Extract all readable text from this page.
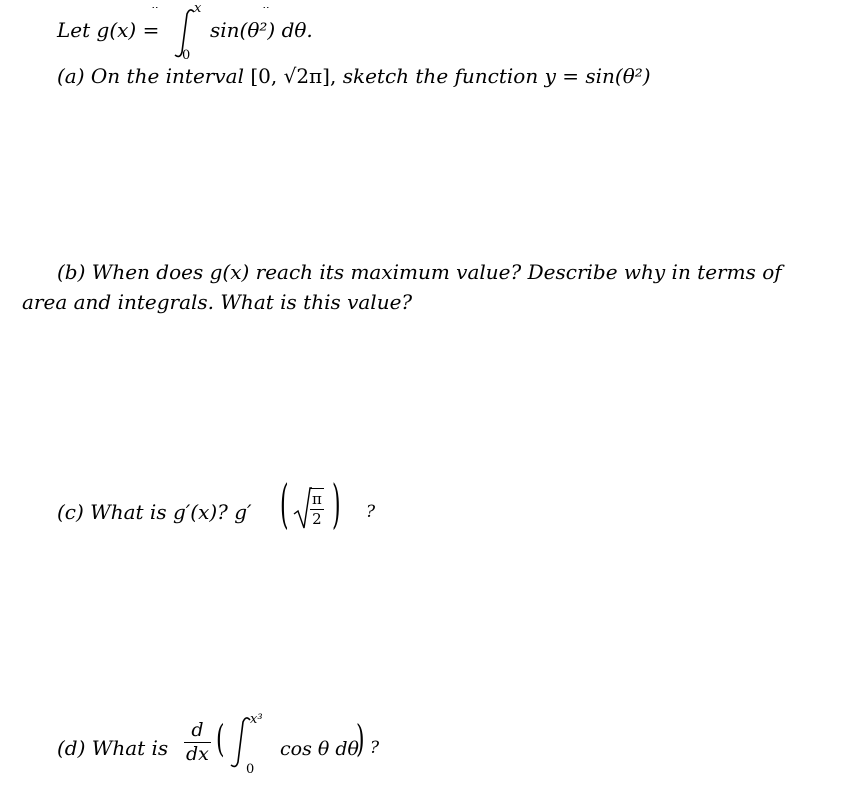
Let g(x) =
x
0
sin(θ²) dθ.
(a) On the interval [0, √2π], sketch the function y = sin(θ²)
(b) When does g(x) reach its maximum value? Describe why in terms of
area and integrals. What is this value?
(c) What is g′(x)? g′ ( π
2 ) ?
(d) What is
d
dx ( x³
0
cos θ dθ
) ?
